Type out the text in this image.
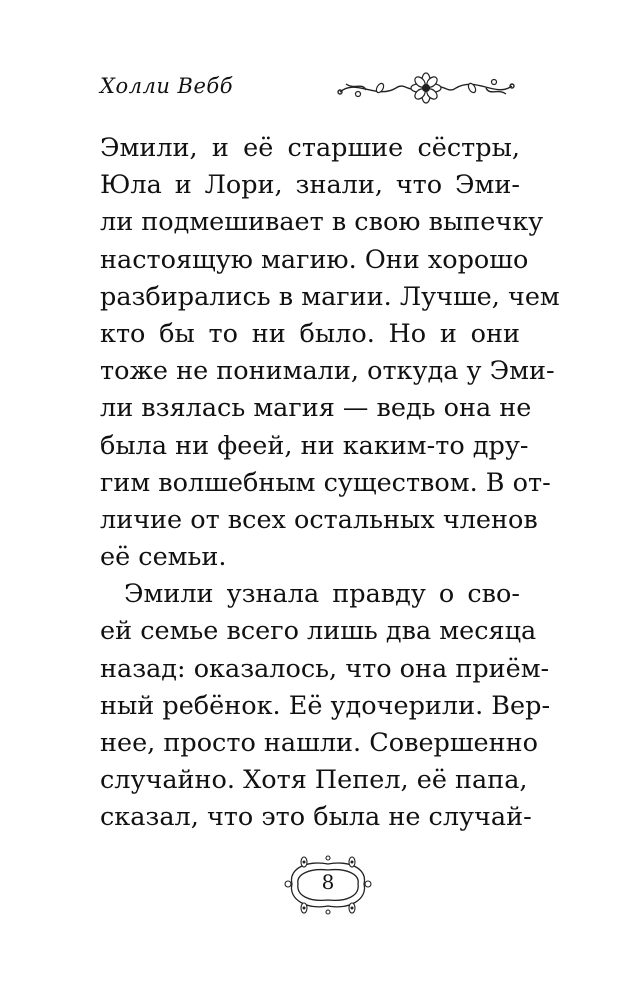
Холли Вебб
Эмили, и её старшие сёстры,
Юла и Лори, знали, что Эми-
ли подмешивает в свою выпечку
настоящую магию. Они хорошо
разбирались в магии. Лучше, чем
кто бы то ни было. Но и они
тоже не понимали, откуда у Эми-
ли взялась магия — ведь она не
была ни феей, ни каким-то дру-
гим волшебным существом. В от-
личие от всех остальных членов
её семьи.
Эмили узнала правду о сво-
ей семье всего лишь два месяца
назад: оказалось, что она приём-
ный ребёнок. Её удочерили. Вер-
нее, просто нашли. Совершенно
случайно. Хотя Пепел, её папа,
сказал, что это была не случай-
8
